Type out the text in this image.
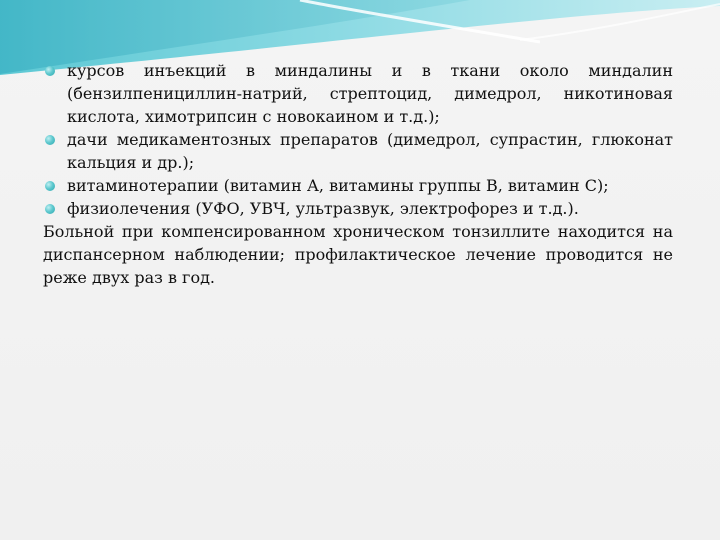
курсов инъекций в миндалины и в ткани около миндалин (бензилпенициллин-натрий, стрептоцид, димедрол, никотиновая кислота, химотрипсин с новокаином и т.д.);
дачи медикаментозных препаратов (димедрол, супрастин, глюконат кальция и др.);
витаминотерапии (витамин А, витамины группы В, витамин С);
физиолечения (УФО, УВЧ, ультразвук, электрофорез и т.д.).
Больной при компенсированном хроническом тонзиллите находится на диспансерном наблюдении; профилактическое лечение проводится не реже двух раз в год.
